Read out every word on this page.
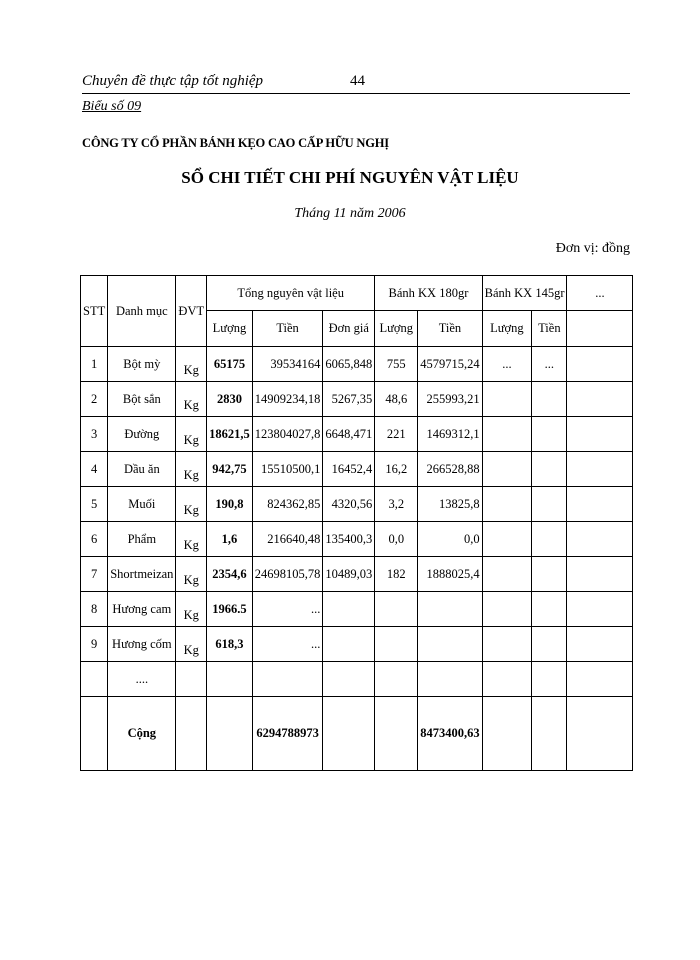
Chuyên đề thực tập tốt nghiệp	44
Biểu số 09
CÔNG TY CỔ PHẦN BÁNH KẸO CAO CẤP HỮU NGHỊ
SỔ CHI TIẾT CHI PHÍ NGUYÊN VẬT LIỆU
Tháng 11 năm 2006
Đơn vị: đồng
STT	Danh mục	ĐVT	Tổng nguyên vật liệu			Bánh KX 180gr		Bánh KX 145gr		...
			Lượng	Tiền	Đơn giá	Lượng	Tiền	Lượng	Tiền	
1	Bột mỳ	Kg	65175	39534164	6065,848	755	4579715,24	...	...	
2	Bột sắn	Kg	2830	14909234,18	5267,35	48,6	255993,21			
3	Đường	Kg	18621,5	123804027,8	6648,471	221	1469312,1			
4	Dầu ăn	Kg	942,75	15510500,1	16452,4	16,2	266528,88			
5	Muối	Kg	190,8	824362,85	4320,56	3,2	13825,8			
6	Phẩm	Kg	1,6	216640,48	135400,3	0,0	0,0			
7	Shortmeizan	Kg	2354,6	24698105,78	10489,03	182	1888025,4			
8	Hương cam	Kg	1966.5	...						
9	Hương cốm	Kg	618,3	...						
	....									
	Cộng			6294788973			8473400,63			
